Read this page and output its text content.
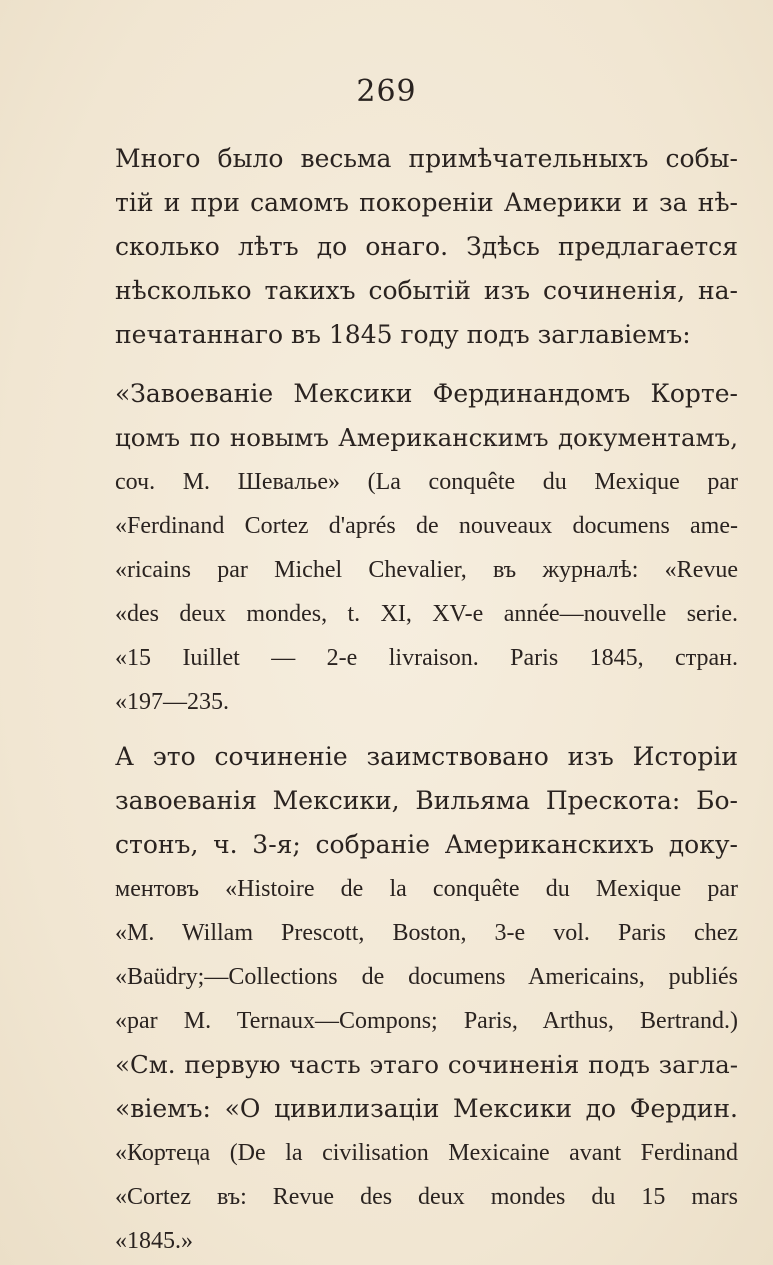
269

Много было весьма примѣчательныхъ собы-
тій и при самомъ покореніи Америки и за нѣ-
сколько лѣтъ до онаго. Здѣсь предлагается
нѣсколько такихъ событій изъ сочиненія, на-
печатаннаго въ 1845 году подъ заглавіемъ:

«Завоеваніе Мексики Фердинандомъ Корте-
цомъ по новымъ Американскимъ документамъ,
соч. М. Шевалье» (La conquête du Mexique par
«Ferdinand Cortez d'aprés de nouveaux documens ame-
«ricains par Michel Chevalier, въ журналѣ: «Revue
«des deux mondes, t. XI, XV-e année—nouvelle serie.
«15 Iuillet — 2-e livraison. Paris 1845, стран.
«197—235.

А это сочиненіе заимствовано изъ Исторіи
завоеванія Мексики, Вильяма Прескота: Бо-
стонъ, ч. 3-я; собраніе Американскихъ доку-
ментовъ «Histoire de la conquête du Mexique par
«M. Willam Prescott, Boston, 3-e vol. Paris chez
«Baüdry;—Collections de documens Americains, publiés
«par M. Ternaux—Compons; Paris, Arthus, Bertrand.)
«См. первую часть этаго сочиненія подъ загла-
«віемъ: «О цивилизаціи Мексики до Фердин.
«Кортеца (De la civilisation Mexicaine avant Ferdinand
«Cortez въ: Revue des deux mondes du 15 mars
«1845.»
